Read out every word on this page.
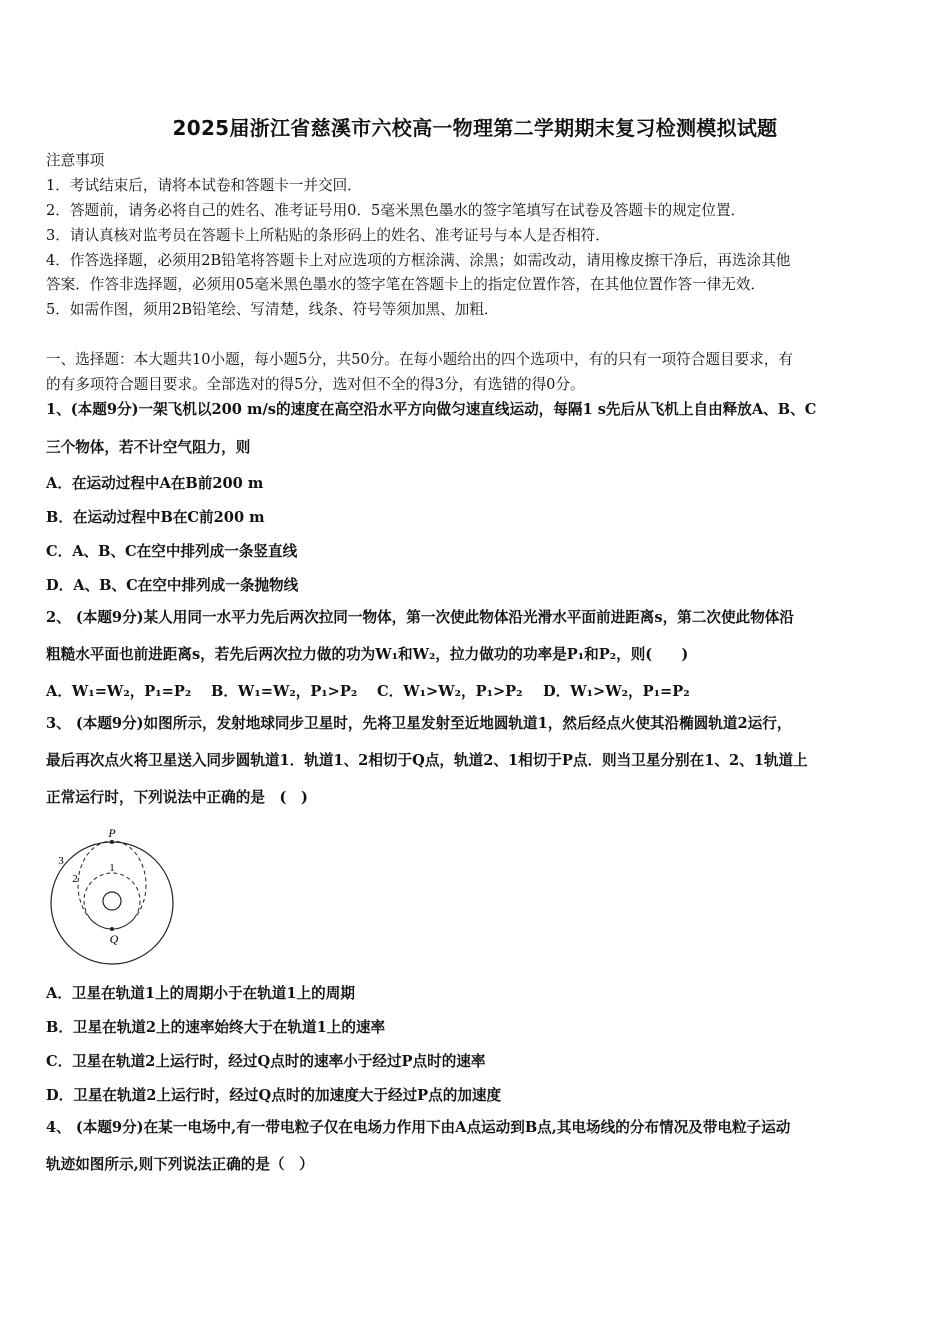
2025届浙江省慈溪市六校高一物理第二学期期末复习检测模拟试题
注意事项
1．考试结束后，请将本试卷和答题卡一并交回．
2．答题前，请务必将自己的姓名、准考证号用0．5毫米黑色墨水的签字笔填写在试卷及答题卡的规定位置．
3．请认真核对监考员在答题卡上所粘贴的条形码上的姓名、准考证号与本人是否相符．
4．作答选择题，必须用2B铅笔将答题卡上对应选项的方框涂满、涂黑；如需改动，请用橡皮擦干净后，再选涂其他
答案．作答非选择题，必须用05毫米黑色墨水的签字笔在答题卡上的指定位置作答，在其他位置作答一律无效．
5．如需作图，须用2B铅笔绘、写清楚，线条、符号等须加黑、加粗．
一、选择题：本大题共10小题，每小题5分，共50分。在每小题给出的四个选项中，有的只有一项符合题目要求，有
的有多项符合题目要求。全部选对的得5分，选对但不全的得3分，有选错的得0分。
1、(本题9分)一架飞机以200 m/s的速度在高空沿水平方向做匀速直线运动，每隔1 s先后从飞机上自由释放A、B、C
三个物体，若不计空气阻力，则
A．在运动过程中A在B前200 m
B．在运动过程中B在C前200 m
C．A、B、C在空中排列成一条竖直线
D．A、B、C在空中排列成一条抛物线
2、 (本题9分)某人用同一水平力先后两次拉同一物体，第一次使此物体沿光滑水平面前进距离s，第二次使此物体沿
粗糙水平面也前进距离s，若先后两次拉力做的功为W₁和W₂，拉力做功的功率是P₁和P₂，则(　　)
A．W₁=W₂，P₁=P₂ B．W₁=W₂，P₁>P₂ C．W₁>W₂，P₁>P₂ D．W₁>W₂，P₁=P₂
3、 (本题9分)如图所示，发射地球同步卫星时，先将卫星发射至近地圆轨道1，然后经点火使其沿椭圆轨道2运行，
最后再次点火将卫星送入同步圆轨道1．轨道1、2相切于Q点，轨道2、1相切于P点．则当卫星分别在1、2、1轨道上
正常运行时，下列说法中正确的是　(　)
P
Q
1
2
3
A．卫星在轨道1上的周期小于在轨道1上的周期
B．卫星在轨道2上的速率始终大于在轨道1上的速率
C．卫星在轨道2上运行时，经过Q点时的速率小于经过P点时的速率
D．卫星在轨道2上运行时，经过Q点时的加速度大于经过P点的加速度
4、 (本题9分)在某一电场中,有一带电粒子仅在电场力作用下由A点运动到B点,其电场线的分布情况及带电粒子运动
轨迹如图所示,则下列说法正确的是（　）
